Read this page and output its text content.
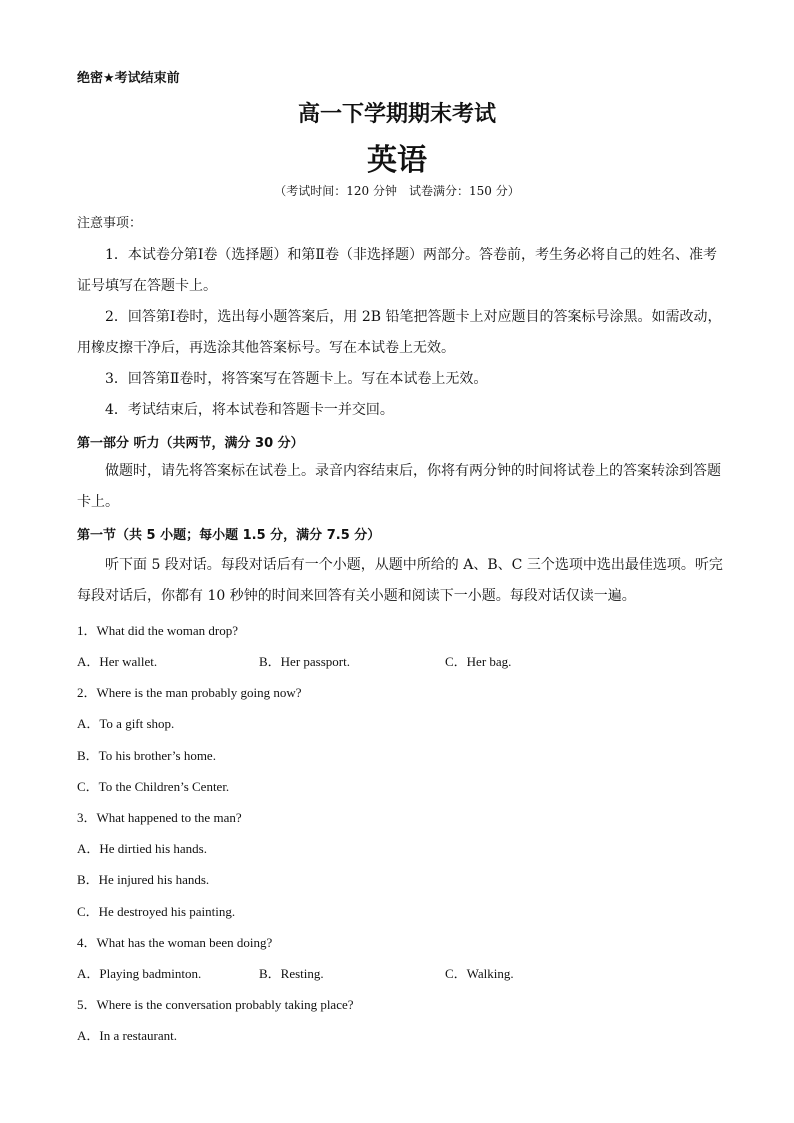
绝密★考试结束前
高一下学期期末考试
英语
（考试时间：120 分钟　试卷满分：150 分）
注意事项：
1．本试卷分第Ⅰ卷（选择题）和第Ⅱ卷（非选择题）两部分。答卷前，考生务必将自己的姓名、准考证号填写在答题卡上。
2．回答第Ⅰ卷时，选出每小题答案后，用 2B 铅笔把答题卡上对应题目的答案标号涂黑。如需改动，用橡皮擦干净后，再选涂其他答案标号。写在本试卷上无效。
3．回答第Ⅱ卷时，将答案写在答题卡上。写在本试卷上无效。
4．考试结束后，将本试卷和答题卡一并交回。
第一部分 听力（共两节，满分 30 分）
做题时，请先将答案标在试卷上。录音内容结束后，你将有两分钟的时间将试卷上的答案转涂到答题卡上。
第一节（共 5 小题；每小题 1.5 分，满分 7.5 分）
听下面 5 段对话。每段对话后有一个小题，从题中所给的 A、B、C 三个选项中选出最佳选项。听完每段对话后，你都有 10 秒钟的时间来回答有关小题和阅读下一小题。每段对话仅读一遍。
1．What did the woman drop?
A．Her wallet.	B．Her passport.	C．Her bag.
2．Where is the man probably going now?
A．To a gift shop.
B．To his brother’s home.
C．To the Children’s Center.
3．What happened to the man?
A．He dirtied his hands.
B．He injured his hands.
C．He destroyed his painting.
4．What has the woman been doing?
A．Playing badminton.	B．Resting.	C．Walking.
5．Where is the conversation probably taking place?
A．In a restaurant.
